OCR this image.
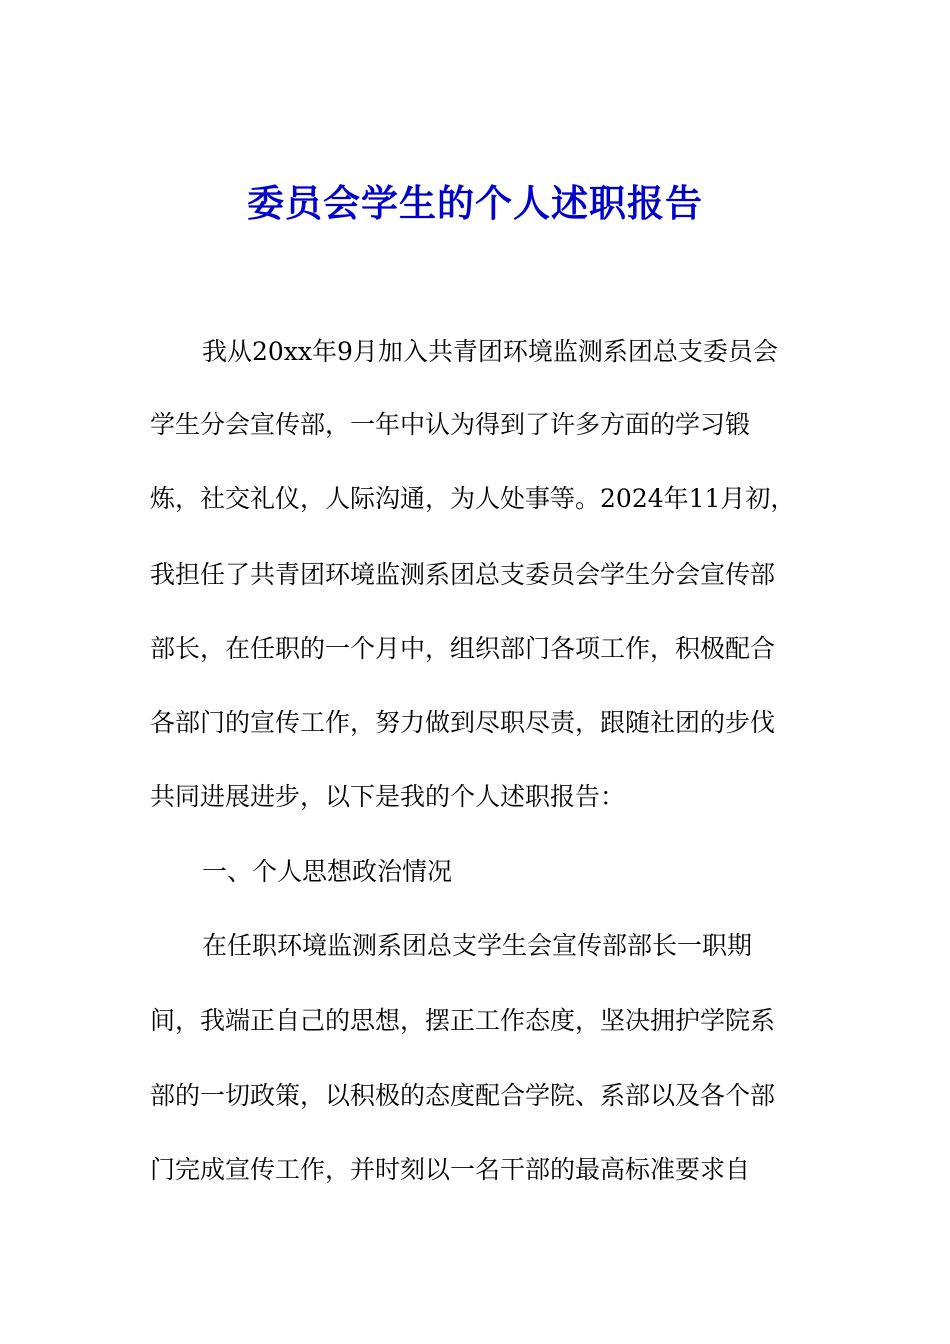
委员会学生的个人述职报告

我从20xx年9月加入共青团环境监测系团总支委员会

学生分会宣传部，一年中认为得到了许多方面的学习锻

炼，社交礼仪，人际沟通，为人处事等。2024年11月初，

我担任了共青团环境监测系团总支委员会学生分会宣传部

部长，在任职的一个月中，组织部门各项工作，积极配合

各部门的宣传工作，努力做到尽职尽责，跟随社团的步伐

共同进展进步，以下是我的个人述职报告：

一、个人思想政治情况

在任职环境监测系团总支学生会宣传部部长一职期

间，我端正自己的思想，摆正工作态度，坚决拥护学院系

部的一切政策，以积极的态度配合学院、系部以及各个部

门完成宣传工作，并时刻以一名干部的最高标准要求自
